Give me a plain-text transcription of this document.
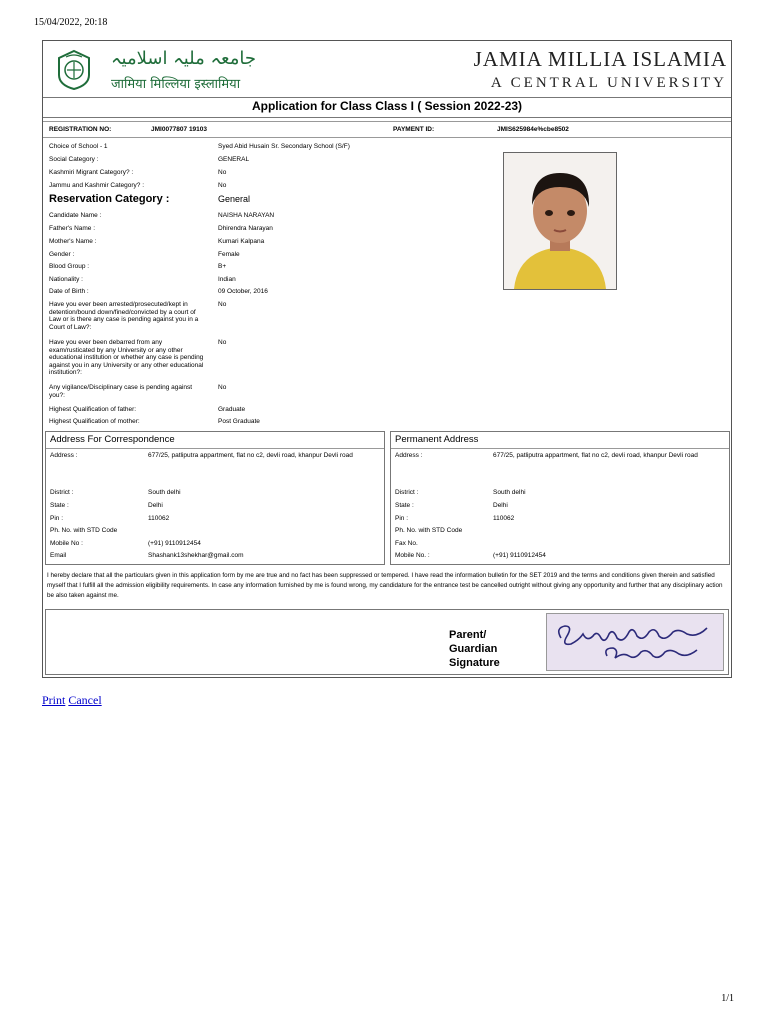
15/04/2022, 20:18
جامعہ ملیہ اسلامیہ
जामिया मिल्लिया इस्लामिया
JAMIA MILLIA ISLAMIA
A CENTRAL UNIVERSITY
Application for Class Class I ( Session 2022-23)
REGISTRATION NO:	JMI0077807 19103	PAYMENT ID:	JMIS625984e%cbe8502
Choice of School - 1	Syed Abid Husain Sr. Secondary School (S/F)
Social Category :	GENERAL
Kashmiri Migrant Category? :	No
Jammu and Kashmir Category? :	No
Reservation Category :	General
Candidate Name :	NAISHA NARAYAN
Father's Name :	Dhirendra Narayan
Mother's Name :	Kumari Kalpana
Gender :	Female
Blood Group :	B+
Nationality :	Indian
Date of Birth :	09 October, 2016
Have you ever been arrested/prosecuted/kept in detention/bound down/fined/convicted by a court of Law or is there any case is pending against you in a Court of Law?:
No
Have you ever been debarred from any exam/rusticated by any University or any other educational institution or whether any case is pending against you in any University or any other educational institution?:
No
Any vigilance/Disciplinary case is pending against you?:
No
Highest Qualification of father:	Graduate
Highest Qualification of mother:	Post Graduate
Address For Correspondence
Address :	677/25, patliputra appartment, flat no c2, devli road, khanpur Devli road
District :	South delhi
State :	Delhi
Pin :	110062
Ph. No. with STD Code
Mobile No :	(+91) 9110912454
Email	Shashank13shekhar@gmail.com
Permanent Address
Address :	677/25, patliputra appartment, flat no c2, devli road, khanpur Devli road
District :	South delhi
State :	Delhi
Pin :	110062
Ph. No. with STD Code
Fax No.
Mobile No. :	(+91) 9110912454
I hereby declare that all the particulars given in this application form by me are true and no fact has been suppressed or tempered. I have read the information bulletin for the SET 2019 and the terms and conditions given therein and satisfied myself that I fulfill all the admission eligibility requirements. In case any information furnished by me is found wrong, my candidature for the entrance test be cancelled outright without giving any opportunity and further that any disciplinary action be also taken against me.
Parent/
Guardian
Signature
Print Cancel
1/1
